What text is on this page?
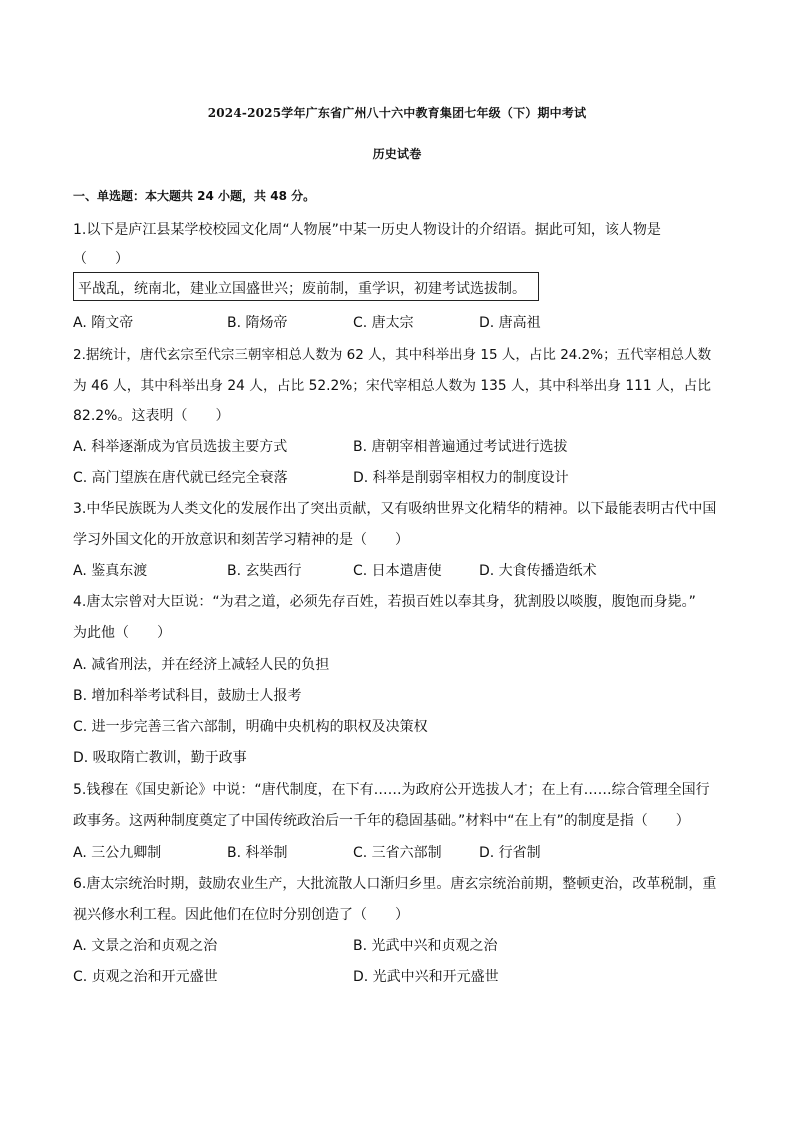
2024-2025学年广东省广州八十六中教育集团七年级（下）期中考试
历史试卷
一、单选题：本大题共 24 小题，共 48 分。
1.以下是庐江县某学校校园文化周“人物展”中某一历史人物设计的介绍语。据此可知，该人物是
（　　）
平战乱，统南北，建业立国盛世兴；废前制，重学识，初建考试选拔制。
A. 隋文帝	B. 隋炀帝	C. 唐太宗	D. 唐高祖
2.据统计，唐代玄宗至代宗三朝宰相总人数为 62 人，其中科举出身 15 人，占比 24.2%；五代宰相总人数
为 46 人，其中科举出身 24 人，占比 52.2%；宋代宰相总人数为 135 人，其中科举出身 111 人，占比
82.2%。这表明（　　）
A. 科举逐渐成为官员选拔主要方式	B. 唐朝宰相普遍通过考试进行选拔
C. 高门望族在唐代就已经完全衰落	D. 科举是削弱宰相权力的制度设计
3.中华民族既为人类文化的发展作出了突出贡献，又有吸纳世界文化精华的精神。以下最能表明古代中国
学习外国文化的开放意识和刻苦学习精神的是（　　）
A. 鉴真东渡	B. 玄奘西行	C. 日本遣唐使	D. 大食传播造纸术
4.唐太宗曾对大臣说：“为君之道，必须先存百姓，若损百姓以奉其身，犹割股以啖腹，腹饱而身毙。”
为此他（　　）
A. 减省刑法，并在经济上减轻人民的负担
B. 增加科举考试科目，鼓励士人报考
C. 进一步完善三省六部制，明确中央机构的职权及决策权
D. 吸取隋亡教训，勤于政事
5.钱穆在《国史新论》中说：“唐代制度，在下有……为政府公开选拔人才；在上有……综合管理全国行
政事务。这两种制度奠定了中国传统政治后一千年的稳固基础。”材料中“在上有”的制度是指（　　）
A. 三公九卿制	B. 科举制	C. 三省六部制	D. 行省制
6.唐太宗统治时期，鼓励农业生产，大批流散人口渐归乡里。唐玄宗统治前期，整顿吏治，改革税制，重
视兴修水利工程。因此他们在位时分别创造了（　　）
A. 文景之治和贞观之治	B. 光武中兴和贞观之治
C. 贞观之治和开元盛世	D. 光武中兴和开元盛世
